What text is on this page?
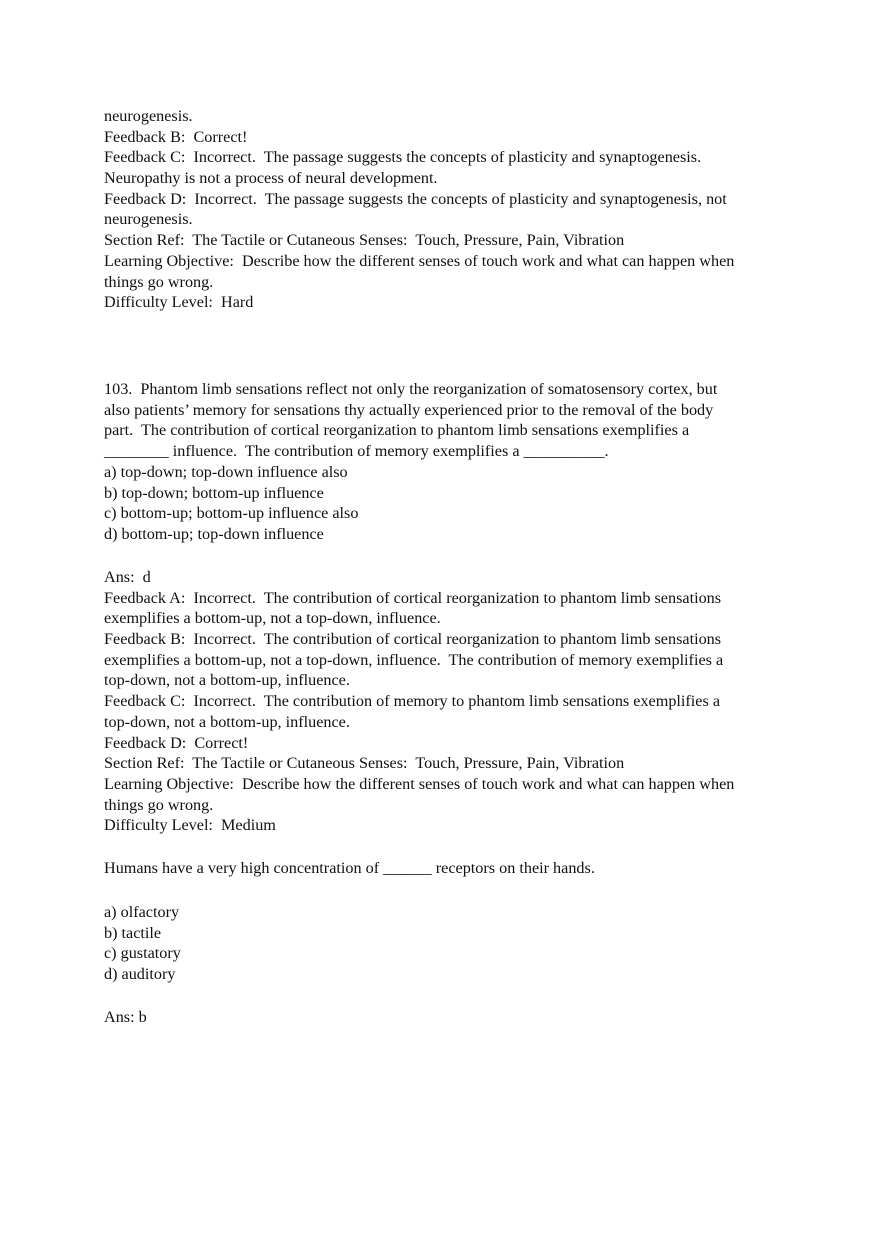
neurogenesis.
Feedback B:  Correct!
Feedback C:  Incorrect.  The passage suggests the concepts of plasticity and synaptogenesis.
Neuropathy is not a process of neural development.
Feedback D:  Incorrect.  The passage suggests the concepts of plasticity and synaptogenesis, not
neurogenesis.
Section Ref:  The Tactile or Cutaneous Senses:  Touch, Pressure, Pain, Vibration
Learning Objective:  Describe how the different senses of touch work and what can happen when
things go wrong.
Difficulty Level:  Hard
103.  Phantom limb sensations reflect not only the reorganization of somatosensory cortex, but
also patients’ memory for sensations thy actually experienced prior to the removal of the body
part.  The contribution of cortical reorganization to phantom limb sensations exemplifies a
________ influence.  The contribution of memory exemplifies a __________.
a) top-down; top-down influence also
b) top-down; bottom-up influence
c) bottom-up; bottom-up influence also
d) bottom-up; top-down influence
Ans:  d
Feedback A:  Incorrect.  The contribution of cortical reorganization to phantom limb sensations
exemplifies a bottom-up, not a top-down, influence.
Feedback B:  Incorrect.  The contribution of cortical reorganization to phantom limb sensations
exemplifies a bottom-up, not a top-down, influence.  The contribution of memory exemplifies a
top-down, not a bottom-up, influence.
Feedback C:  Incorrect.  The contribution of memory to phantom limb sensations exemplifies a
top-down, not a bottom-up, influence.
Feedback D:  Correct!
Section Ref:  The Tactile or Cutaneous Senses:  Touch, Pressure, Pain, Vibration
Learning Objective:  Describe how the different senses of touch work and what can happen when
things go wrong.
Difficulty Level:  Medium
Humans have a very high concentration of ______ receptors on their hands.
a) olfactory
b) tactile
c) gustatory
d) auditory
Ans: b
